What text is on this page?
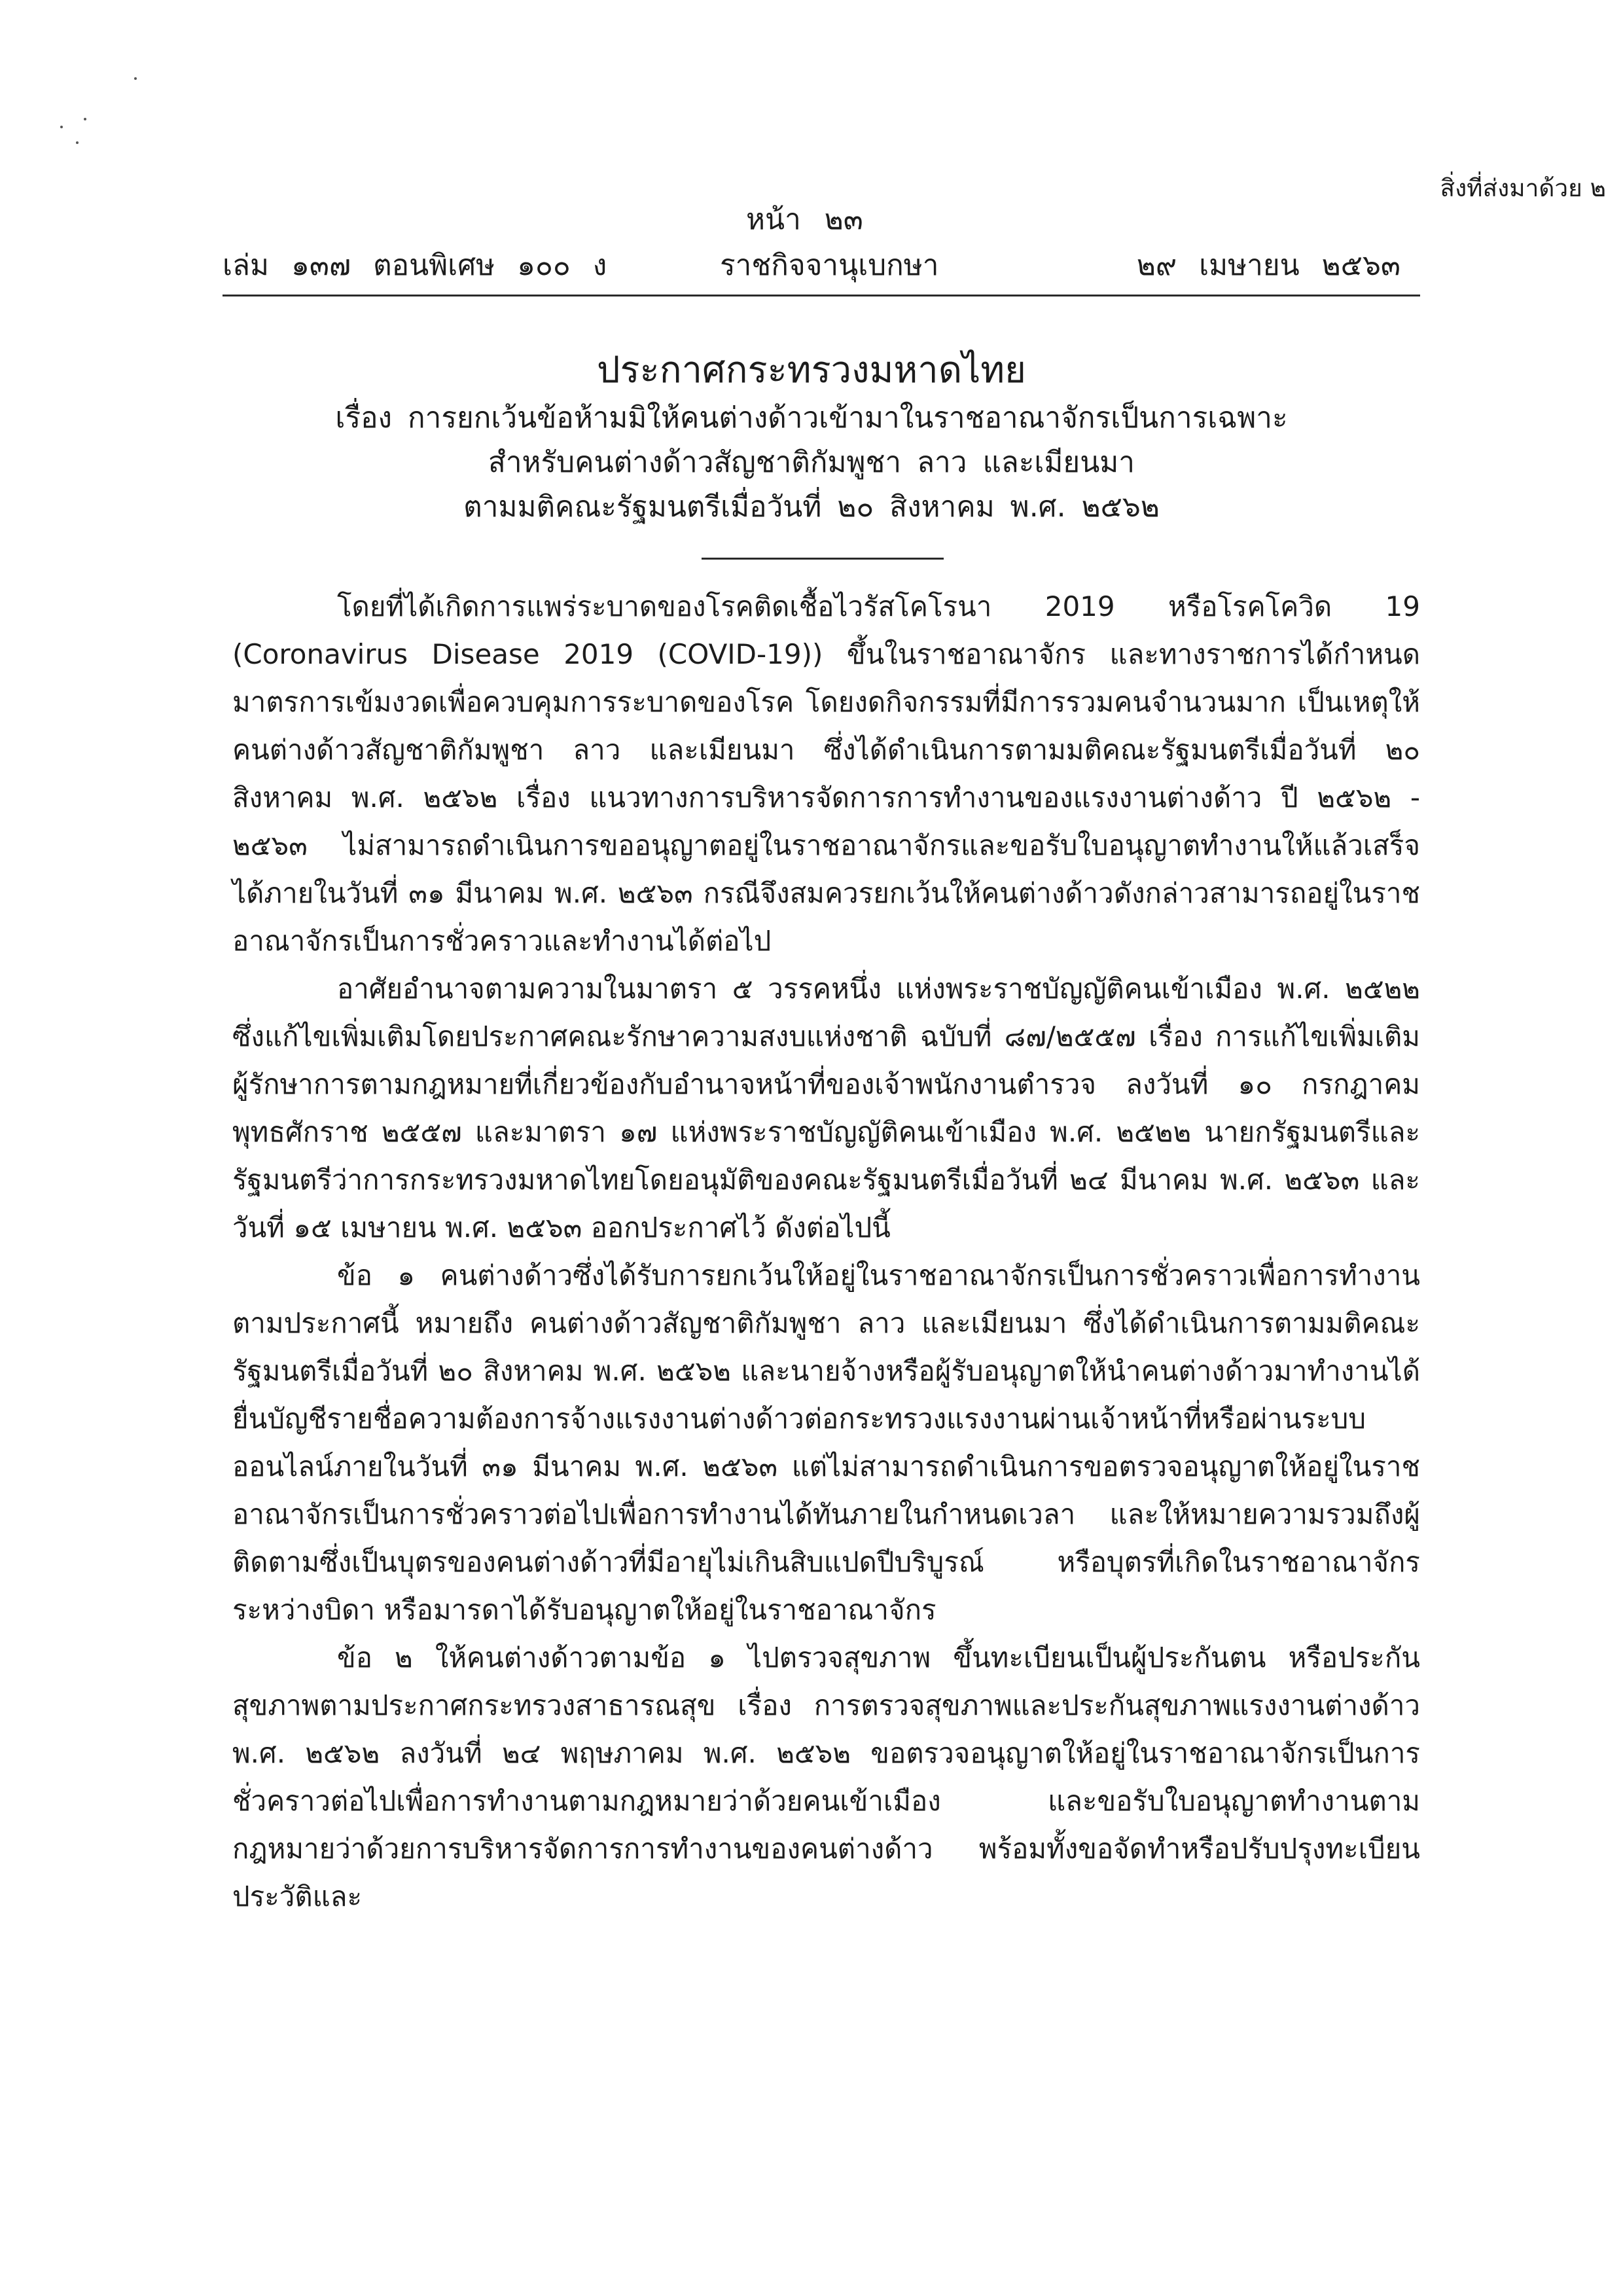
สิ่งที่ส่งมาด้วย ๒
หน้า ๒๓
เล่ม ๑๓๗ ตอนพิเศษ ๑๐๐ ง	ราชกิจจานุเบกษา	๒๙ เมษายน ๒๕๖๓
ประกาศกระทรวงมหาดไทย
เรื่อง การยกเว้นข้อห้ามมิให้คนต่างด้าวเข้ามาในราชอาณาจักรเป็นการเฉพาะ
สำหรับคนต่างด้าวสัญชาติกัมพูชา ลาว และเมียนมา
ตามมติคณะรัฐมนตรีเมื่อวันที่ ๒๐ สิงหาคม พ.ศ. ๒๕๖๒

โดยที่ได้เกิดการแพร่ระบาดของโรคติดเชื้อไวรัสโคโรนา 2019 หรือโรคโควิด 19 (Coronavirus Disease 2019 (COVID-19)) ขึ้นในราชอาณาจักร และทางราชการได้กำหนดมาตรการเข้มงวดเพื่อควบคุมการระบาดของโรค โดยงดกิจกรรมที่มีการรวมคนจำนวนมาก เป็นเหตุให้คนต่างด้าวสัญชาติกัมพูชา ลาว และเมียนมา ซึ่งได้ดำเนินการตามมติคณะรัฐมนตรีเมื่อวันที่ ๒๐ สิงหาคม พ.ศ. ๒๕๖๒ เรื่อง แนวทางการบริหารจัดการการทำงานของแรงงานต่างด้าว ปี ๒๕๖๒ - ๒๕๖๓ ไม่สามารถดำเนินการขออนุญาตอยู่ในราชอาณาจักรและขอรับใบอนุญาตทำงานให้แล้วเสร็จได้ภายในวันที่ ๓๑ มีนาคม พ.ศ. ๒๕๖๓ กรณีจึงสมควรยกเว้นให้คนต่างด้าวดังกล่าวสามารถอยู่ในราชอาณาจักรเป็นการชั่วคราวและทำงานได้ต่อไป

อาศัยอำนาจตามความในมาตรา ๕ วรรคหนึ่ง แห่งพระราชบัญญัติคนเข้าเมือง พ.ศ. ๒๕๒๒ ซึ่งแก้ไขเพิ่มเติมโดยประกาศคณะรักษาความสงบแห่งชาติ ฉบับที่ ๘๗/๒๕๕๗ เรื่อง การแก้ไขเพิ่มเติมผู้รักษาการตามกฎหมายที่เกี่ยวข้องกับอำนาจหน้าที่ของเจ้าพนักงานตำรวจ ลงวันที่ ๑๐ กรกฎาคม พุทธศักราช ๒๕๕๗ และมาตรา ๑๗ แห่งพระราชบัญญัติคนเข้าเมือง พ.ศ. ๒๕๒๒ นายกรัฐมนตรีและรัฐมนตรีว่าการกระทรวงมหาดไทยโดยอนุมัติของคณะรัฐมนตรีเมื่อวันที่ ๒๔ มีนาคม พ.ศ. ๒๕๖๓ และวันที่ ๑๕ เมษายน พ.ศ. ๒๕๖๓ ออกประกาศไว้ ดังต่อไปนี้

ข้อ ๑ คนต่างด้าวซึ่งได้รับการยกเว้นให้อยู่ในราชอาณาจักรเป็นการชั่วคราวเพื่อการทำงานตามประกาศนี้ หมายถึง คนต่างด้าวสัญชาติกัมพูชา ลาว และเมียนมา ซึ่งได้ดำเนินการตามมติคณะรัฐมนตรีเมื่อวันที่ ๒๐ สิงหาคม พ.ศ. ๒๕๖๒ และนายจ้างหรือผู้รับอนุญาตให้นำคนต่างด้าวมาทำงานได้ยื่นบัญชีรายชื่อความต้องการจ้างแรงงานต่างด้าวต่อกระทรวงแรงงานผ่านเจ้าหน้าที่หรือผ่านระบบออนไลน์ภายในวันที่ ๓๑ มีนาคม พ.ศ. ๒๕๖๓ แต่ไม่สามารถดำเนินการขอตรวจอนุญาตให้อยู่ในราชอาณาจักรเป็นการชั่วคราวต่อไปเพื่อการทำงานได้ทันภายในกำหนดเวลา และให้หมายความรวมถึงผู้ติดตามซึ่งเป็นบุตรของคนต่างด้าวที่มีอายุไม่เกินสิบแปดปีบริบูรณ์ หรือบุตรที่เกิดในราชอาณาจักรระหว่างบิดา หรือมารดาได้รับอนุญาตให้อยู่ในราชอาณาจักร

ข้อ ๒ ให้คนต่างด้าวตามข้อ ๑ ไปตรวจสุขภาพ ขึ้นทะเบียนเป็นผู้ประกันตน หรือประกันสุขภาพตามประกาศกระทรวงสาธารณสุข เรื่อง การตรวจสุขภาพและประกันสุขภาพแรงงานต่างด้าว พ.ศ. ๒๕๖๒ ลงวันที่ ๒๔ พฤษภาคม พ.ศ. ๒๕๖๒ ขอตรวจอนุญาตให้อยู่ในราชอาณาจักรเป็นการชั่วคราวต่อไปเพื่อการทำงานตามกฎหมายว่าด้วยคนเข้าเมือง และขอรับใบอนุญาตทำงานตามกฎหมายว่าด้วยการบริหารจัดการการทำงานของคนต่างด้าว พร้อมทั้งขอจัดทำหรือปรับปรุงทะเบียนประวัติและ
